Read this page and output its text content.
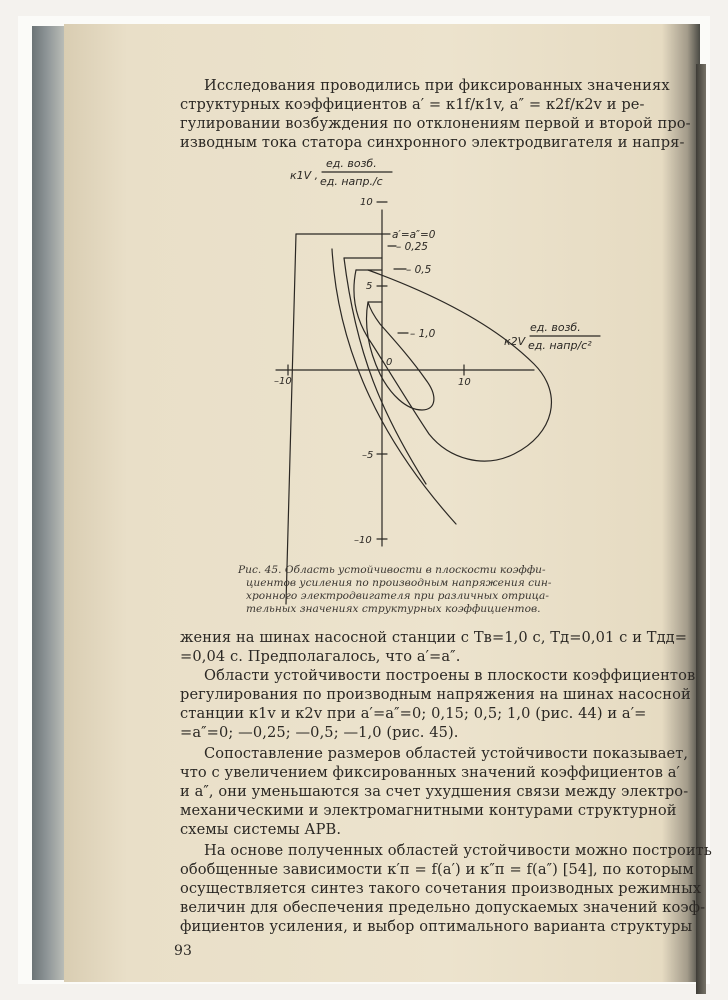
Исследования проводились при фиксированных значениях
структурных коэффициентов a′ = к1f/к1v, a″ = к2f/к2v и ре-
гулировании возбуждения по отклонениям первой и второй про-
изводным тока статора синхронного электродвигателя и напря-
ед. возб.
ед. напр./с
к1V ,
ед. возб.
ед. напр/с²
к2V ,
10
5
–5
–10
–10
0
10
a′=a″=0
– 0,25
– 0,5
– 1,0
Рис. 45. Область устойчивости в плоскости коэффи-
циентов усиления по производным напряжения син-
хронного электродвигателя при различных отрица-
тельных значениях структурных коэффициентов.
жения на шинах насосной станции с Tв=1,0 с, Tд=0,01 с и Tдд=
=0,04 с. Предполагалось, что a′=a″.
Области устойчивости построены в плоскости коэффициентов
регулирования по производным напряжения на шинах насосной
станции к1v и к2v при a′=a″=0; 0,15; 0,5; 1,0 (рис. 44) и a′=
=a″=0; —0,25; —0,5; —1,0 (рис. 45).
Сопоставление размеров областей устойчивости показывает,
что с увеличением фиксированных значений коэффициентов a′
и a″, они уменьшаются за счет ухудшения связи между электро-
механическими и электромагнитными контурами структурной
схемы системы АРВ.
На основе полученных областей устойчивости можно построить
обобщенные зависимости к′п = f(a′) и к″п = f(a″) [54], по которым
осуществляется синтез такого сочетания производных режимных
величин для обеспечения предельно допускаемых значений коэф-
фициентов усиления, и выбор оптимального варианта структуры
93
